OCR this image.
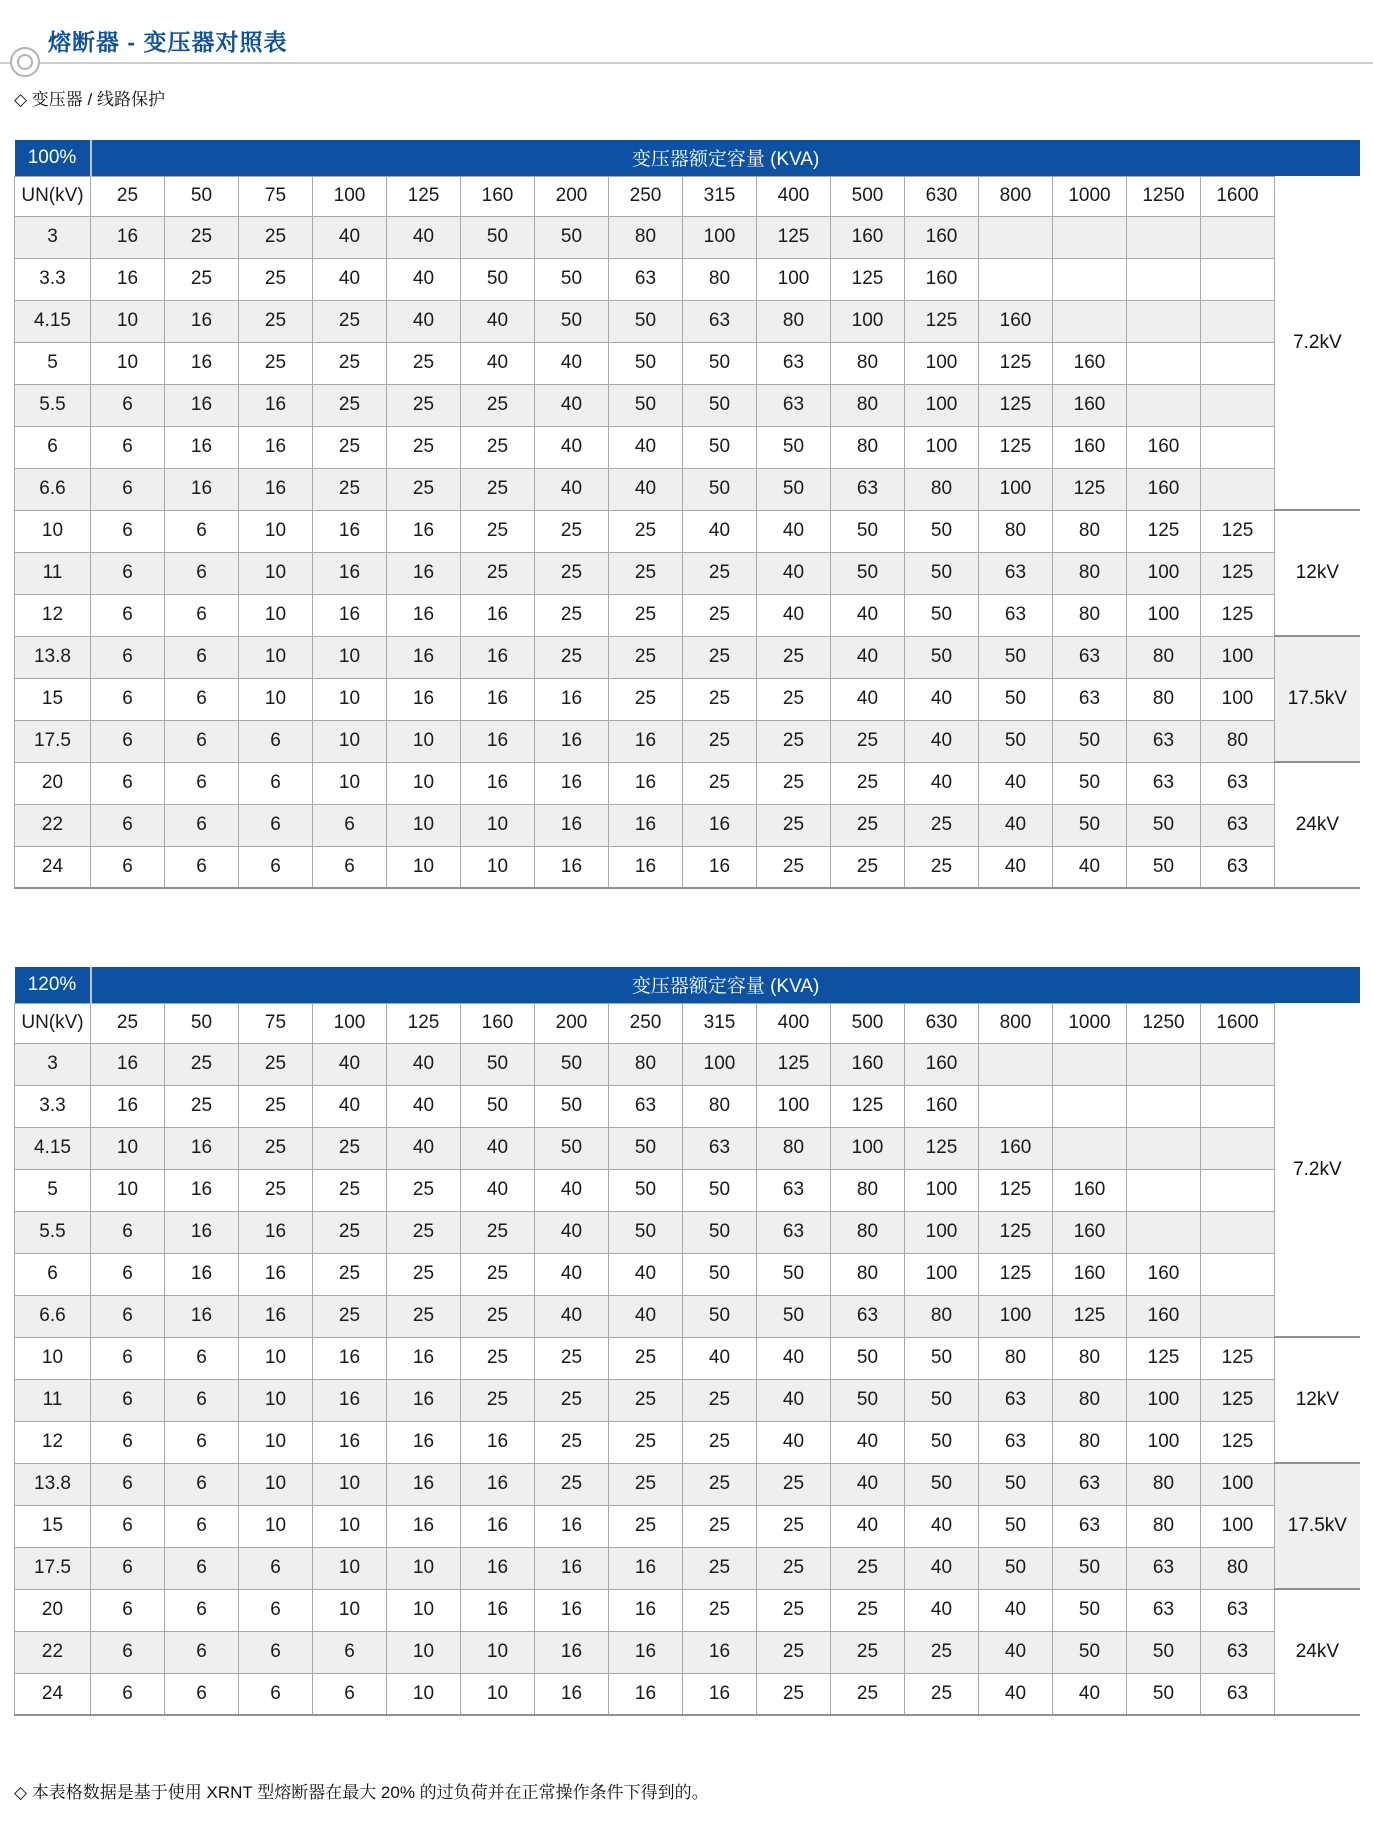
熔断器 - 变压器对照表
◇ 变压器 / 线路保护
100%	变压器额定容量 (KVA)																
UN(kV)	25	50	75	100	125	160	200	250	315	400	500	630	800	1000	1250	1600	7.2kV
3	16	25	25	40	40	50	50	80	100	125	160	160					
3.3	16	25	25	40	40	50	50	63	80	100	125	160					
4.15	10	16	25	25	40	40	50	50	63	80	100	125	160				
5	10	16	25	25	25	40	40	50	50	63	80	100	125	160			
5.5	6	16	16	25	25	25	40	50	50	63	80	100	125	160			
6	6	16	16	25	25	25	40	40	50	50	80	100	125	160	160		
6.6	6	16	16	25	25	25	40	40	50	50	63	80	100	125	160		
10	6	6	10	16	16	25	25	25	40	40	50	50	80	80	125	125	12kV
11	6	6	10	16	16	25	25	25	25	40	50	50	63	80	100	125	
12	6	6	10	16	16	16	25	25	25	40	40	50	63	80	100	125	
13.8	6	6	10	10	16	16	25	25	25	25	40	50	50	63	80	100	17.5kV
15	6	6	10	10	16	16	16	25	25	25	40	40	50	63	80	100	
17.5	6	6	6	10	10	16	16	16	25	25	25	40	50	50	63	80	
20	6	6	6	10	10	16	16	16	25	25	25	40	40	50	63	63	24kV
22	6	6	6	6	10	10	16	16	16	25	25	25	40	50	50	63	
24	6	6	6	6	10	10	16	16	16	25	25	25	40	40	50	63	
120%	变压器额定容量 (KVA)																
UN(kV)	25	50	75	100	125	160	200	250	315	400	500	630	800	1000	1250	1600	7.2kV
3	16	25	25	40	40	50	50	80	100	125	160	160					
3.3	16	25	25	40	40	50	50	63	80	100	125	160					
4.15	10	16	25	25	40	40	50	50	63	80	100	125	160				
5	10	16	25	25	25	40	40	50	50	63	80	100	125	160			
5.5	6	16	16	25	25	25	40	50	50	63	80	100	125	160			
6	6	16	16	25	25	25	40	40	50	50	80	100	125	160	160		
6.6	6	16	16	25	25	25	40	40	50	50	63	80	100	125	160		
10	6	6	10	16	16	25	25	25	40	40	50	50	80	80	125	125	12kV
11	6	6	10	16	16	25	25	25	25	40	50	50	63	80	100	125	
12	6	6	10	16	16	16	25	25	25	40	40	50	63	80	100	125	
13.8	6	6	10	10	16	16	25	25	25	25	40	50	50	63	80	100	17.5kV
15	6	6	10	10	16	16	16	25	25	25	40	40	50	63	80	100	
17.5	6	6	6	10	10	16	16	16	25	25	25	40	50	50	63	80	
20	6	6	6	10	10	16	16	16	25	25	25	40	40	50	63	63	24kV
22	6	6	6	6	10	10	16	16	16	25	25	25	40	50	50	63	
24	6	6	6	6	10	10	16	16	16	25	25	25	40	40	50	63	
◇ 本表格数据是基于使用 XRNT 型熔断器在最大 20% 的过负荷并在正常操作条件下得到的。
